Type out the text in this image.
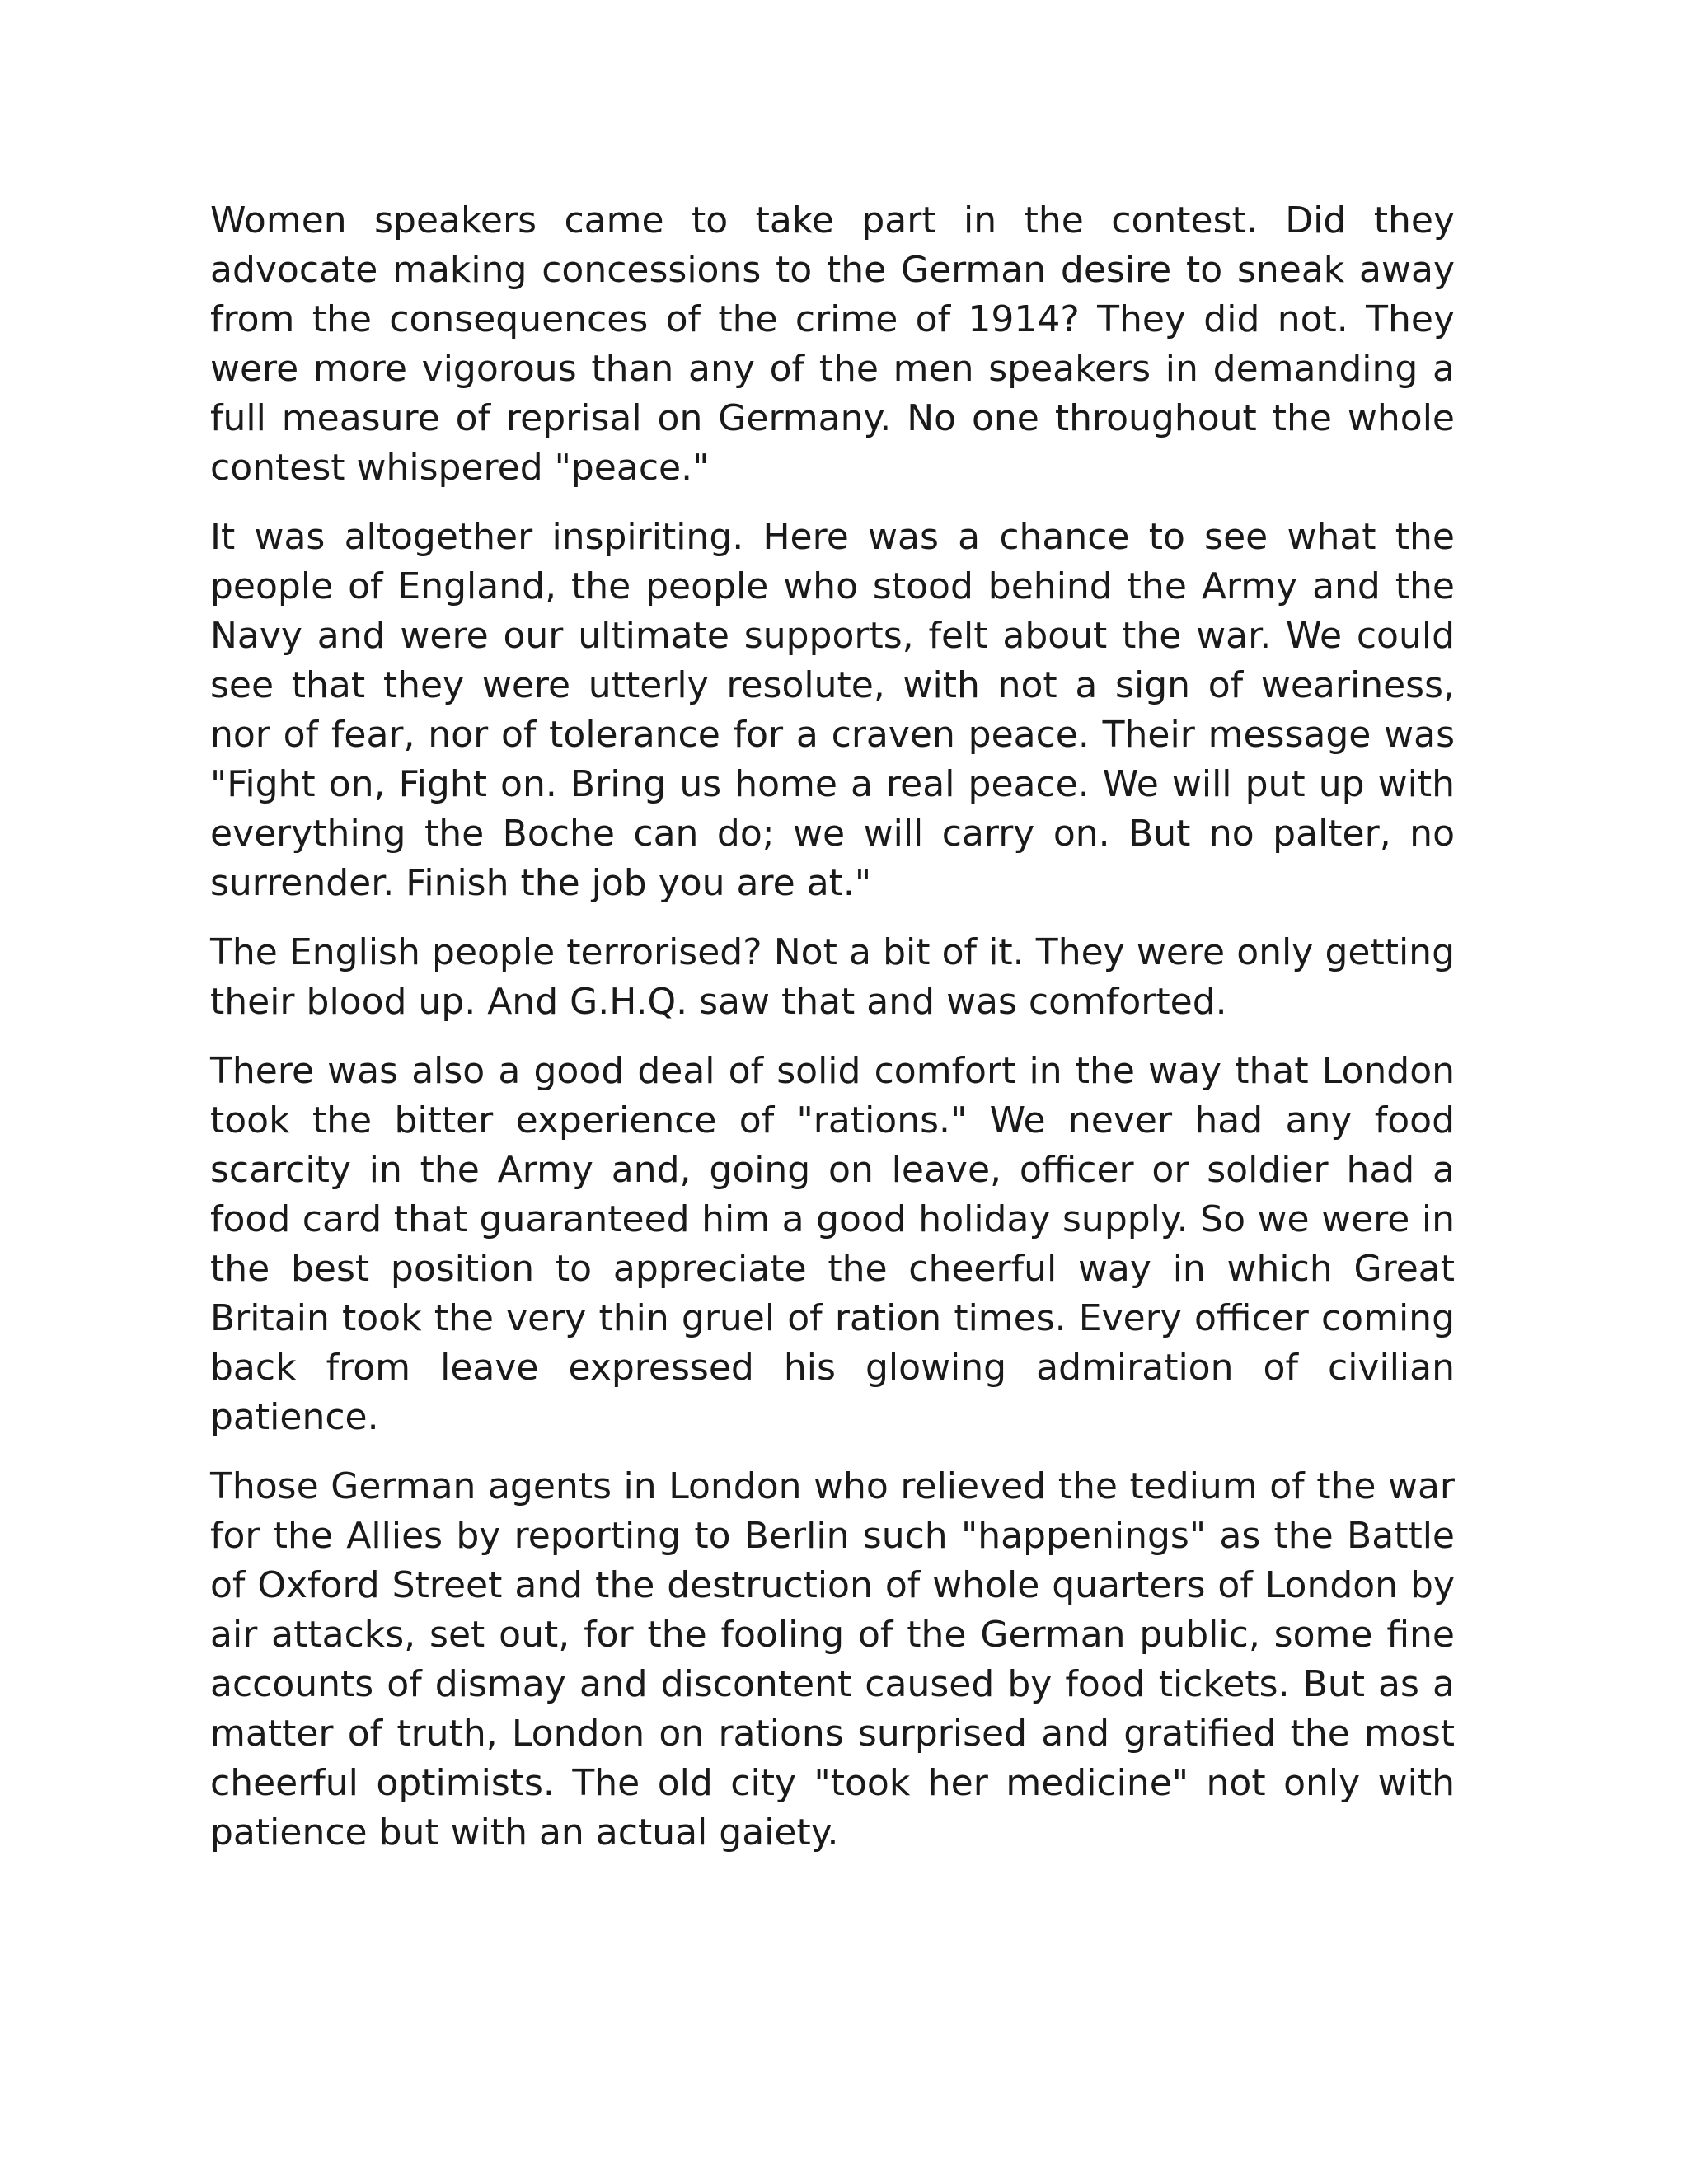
Women speakers came to take part in the contest. Did they advocate making concessions to the German desire to sneak away from the consequences of the crime of 1914? They did not. They were more vigorous than any of the men speakers in demanding a full measure of reprisal on Germany. No one throughout the whole contest whispered "peace."

It was altogether inspiriting. Here was a chance to see what the people of England, the people who stood behind the Army and the Navy and were our ultimate supports, felt about the war. We could see that they were utterly resolute, with not a sign of weariness, nor of fear, nor of tolerance for a craven peace. Their message was "Fight on, Fight on. Bring us home a real peace. We will put up with everything the Boche can do; we will carry on. But no palter, no surrender. Finish the job you are at."

The English people terrorised? Not a bit of it. They were only getting their blood up. And G.H.Q. saw that and was comforted.

There was also a good deal of solid comfort in the way that London took the bitter experience of "rations." We never had any food scarcity in the Army and, going on leave, officer or soldier had a food card that guaranteed him a good holiday supply. So we were in the best position to appreciate the cheerful way in which Great Britain took the very thin gruel of ration times. Every officer coming back from leave expressed his glowing admiration of civilian patience.

Those German agents in London who relieved the tedium of the war for the Allies by reporting to Berlin such "happenings" as the Battle of Oxford Street and the destruction of whole quarters of London by air attacks, set out, for the fooling of the German public, some fine accounts of dismay and discontent caused by food tickets. But as a matter of truth, London on rations surprised and gratified the most cheerful optimists. The old city "took her medicine" not only with patience but with an actual gaiety.
